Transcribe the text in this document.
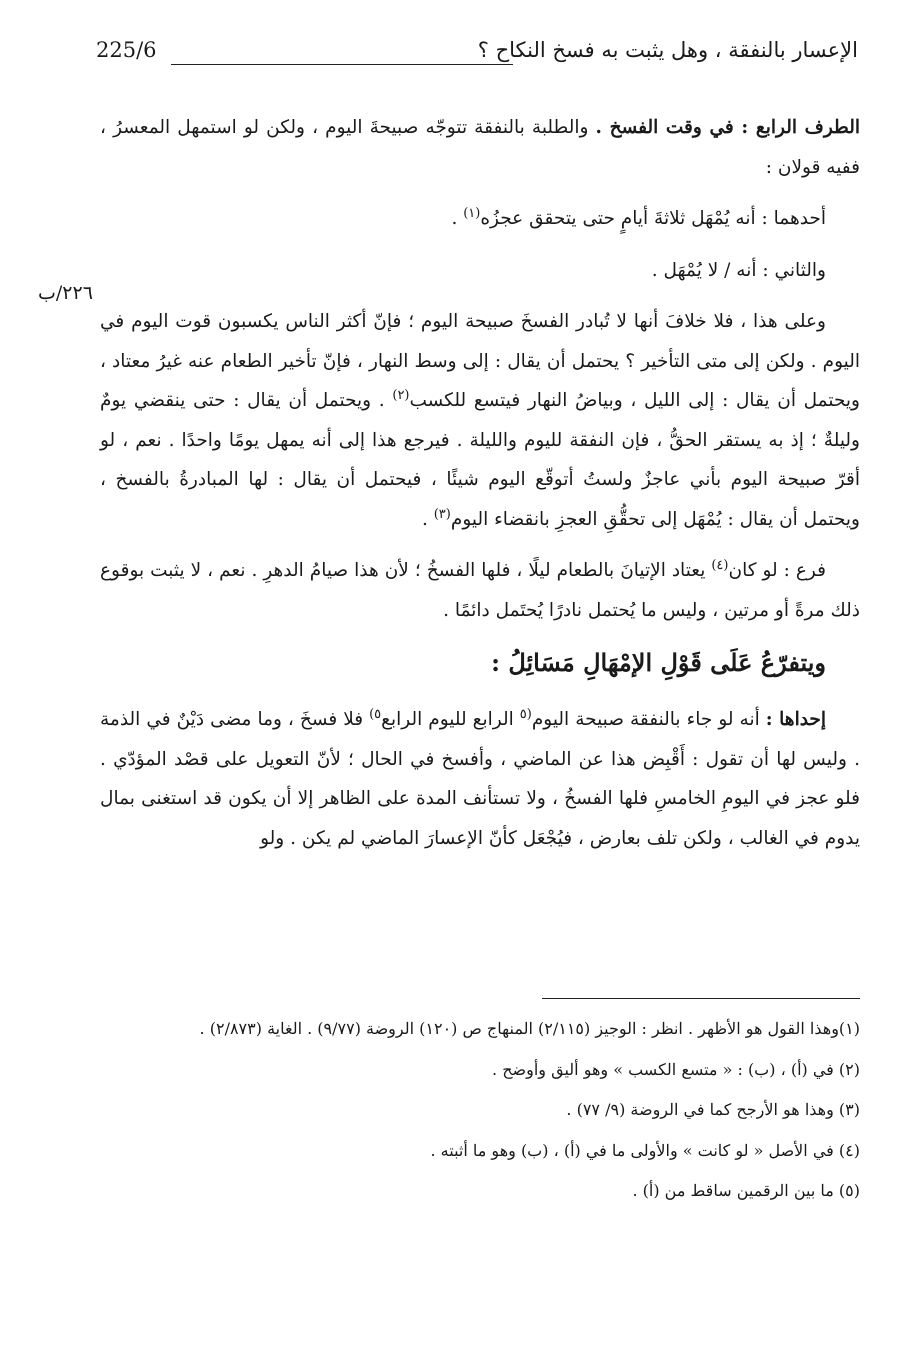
الإعسار بالنفقة ، وهل يثبت به فسخ النكاح ؟
225/6
٢٢٦/ب

الطرف الرابع : في وقت الفسخ . والطلبة بالنفقة تتوجّه صبيحةَ اليوم ، ولكن لو استمهل المعسرُ ، ففيه قولان :

أحدهما : أنه يُمْهَل ثلاثةَ أيامٍ حتى يتحقق عجزُه$^{(١)}$ .

والثاني : أنه / لا يُمْهَل .

وعلى هذا ، فلا خلافَ أنها لا تُبادر الفسخَ صبيحة اليوم ؛ فإنّ أكثر الناس يكسبون قوت اليوم في اليوم . ولكن إلى متى التأخير ؟ يحتمل أن يقال : إلى وسط النهار ، فإنّ تأخير الطعام عنه غيرُ معتاد ، ويحتمل أن يقال : إلى الليل ، وبياضُ النهار فيتسع للكسب$^{(٢)}$ . ويحتمل أن يقال : حتى ينقضي يومٌ وليلةٌ ؛ إذ به يستقر الحقُّ ، فإن النفقة لليوم والليلة . فيرجع هذا إلى أنه يمهل يومًا واحدًا . نعم ، لو أقرّ صبيحة اليوم بأني عاجزٌ ولستُ أتوقّع اليوم شيئًا ، فيحتمل أن يقال : لها المبادرةُ بالفسخ ، ويحتمل أن يقال : يُمْهَل إلى تحقُّقِ العجزِ بانقضاء اليوم$^{(٣)}$ .

فرع : لو كان$^{(٤)}$ يعتاد الإتيانَ بالطعام ليلًا ، فلها الفسخُ ؛ لأن هذا صيامُ الدهرِ . نعم ، لا يثبت بوقوع ذلك مرةً أو مرتين ، وليس ما يُحتمل نادرًا يُحتَمل دائمًا .

ويتفرّعُ عَلَى قَوْلِ الإمْهَالِ مَسَائِلُ :

إحداها : أنه لو جاء بالنفقة صبيحة اليوم$^{(٥}$ الرابع لليوم الرابع$^{٥)}$ فلا فسخَ ، وما مضى دَيْنٌ في الذمة . وليس لها أن تقول : أَقْبِض هذا عن الماضي ، وأفسخ في الحال ؛ لأنّ التعويل على قصْد المؤدّي . فلو عجز في اليومِ الخامسِ فلها الفسخُ ، ولا تستأنف المدة على الظاهر إلا أن يكون قد استغنى بمال يدوم في الغالب ، ولكن تلف بعارض ، فيُجْعَل كأنّ الإعسارَ الماضي لم يكن . ولو

(١)وهذا القول هو الأظهر . انظر : الوجيز (٢/١١٥) المنهاج ص (١٢٠) الروضة (٩/٧٧) . الغاية (٢/٨٧٣) .
(٢) في (أ) ، (ب) : « متسع الكسب » وهو أليق وأوضح .
(٣) وهذا هو الأرجح كما في الروضة (٩/ ٧٧) .
(٤) في الأصل « لو كانت » والأولى ما في (أ) ، (ب) وهو ما أثبته .
(٥) ما بين الرقمين ساقط من (أ) .
